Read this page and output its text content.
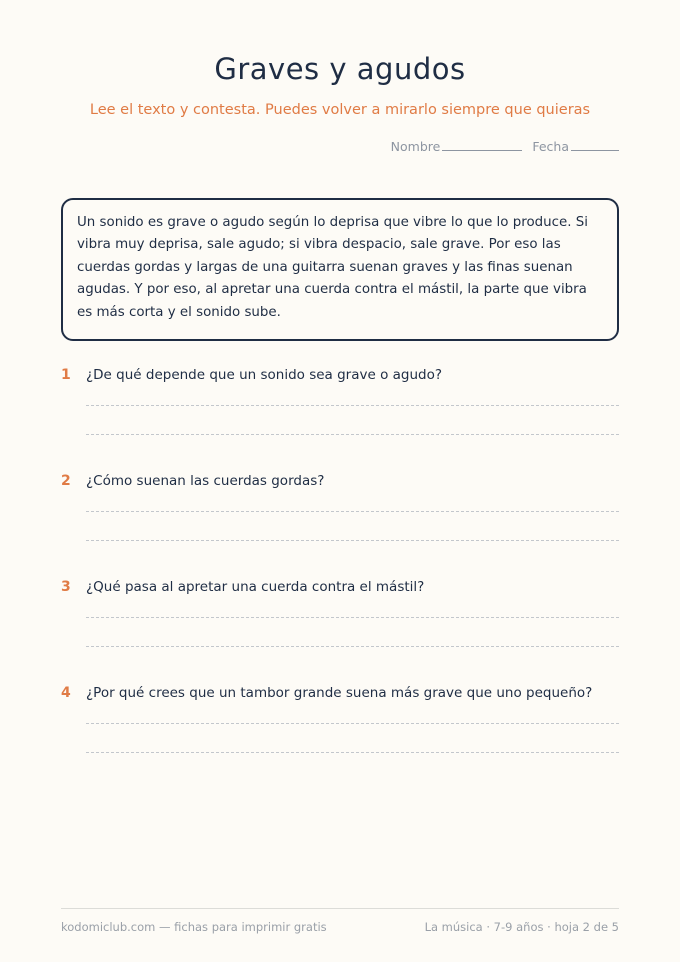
Graves y agudos
Lee el texto y contesta. Puedes volver a mirarlo siempre que quieras
Nombre	Fecha
Un sonido es grave o agudo según lo deprisa que vibre lo que lo produce. Si vibra muy deprisa, sale agudo; si vibra despacio, sale grave. Por eso las cuerdas gordas y largas de una guitarra suenan graves y las finas suenan agudas. Y por eso, al apretar una cuerda contra el mástil, la parte que vibra es más corta y el sonido sube.
1	¿De qué depende que un sonido sea grave o agudo?
2	¿Cómo suenan las cuerdas gordas?
3	¿Qué pasa al apretar una cuerda contra el mástil?
4	¿Por qué crees que un tambor grande suena más grave que uno pequeño?
kodomiclub.com — fichas para imprimir gratis	La música · 7-9 años · hoja 2 de 5
